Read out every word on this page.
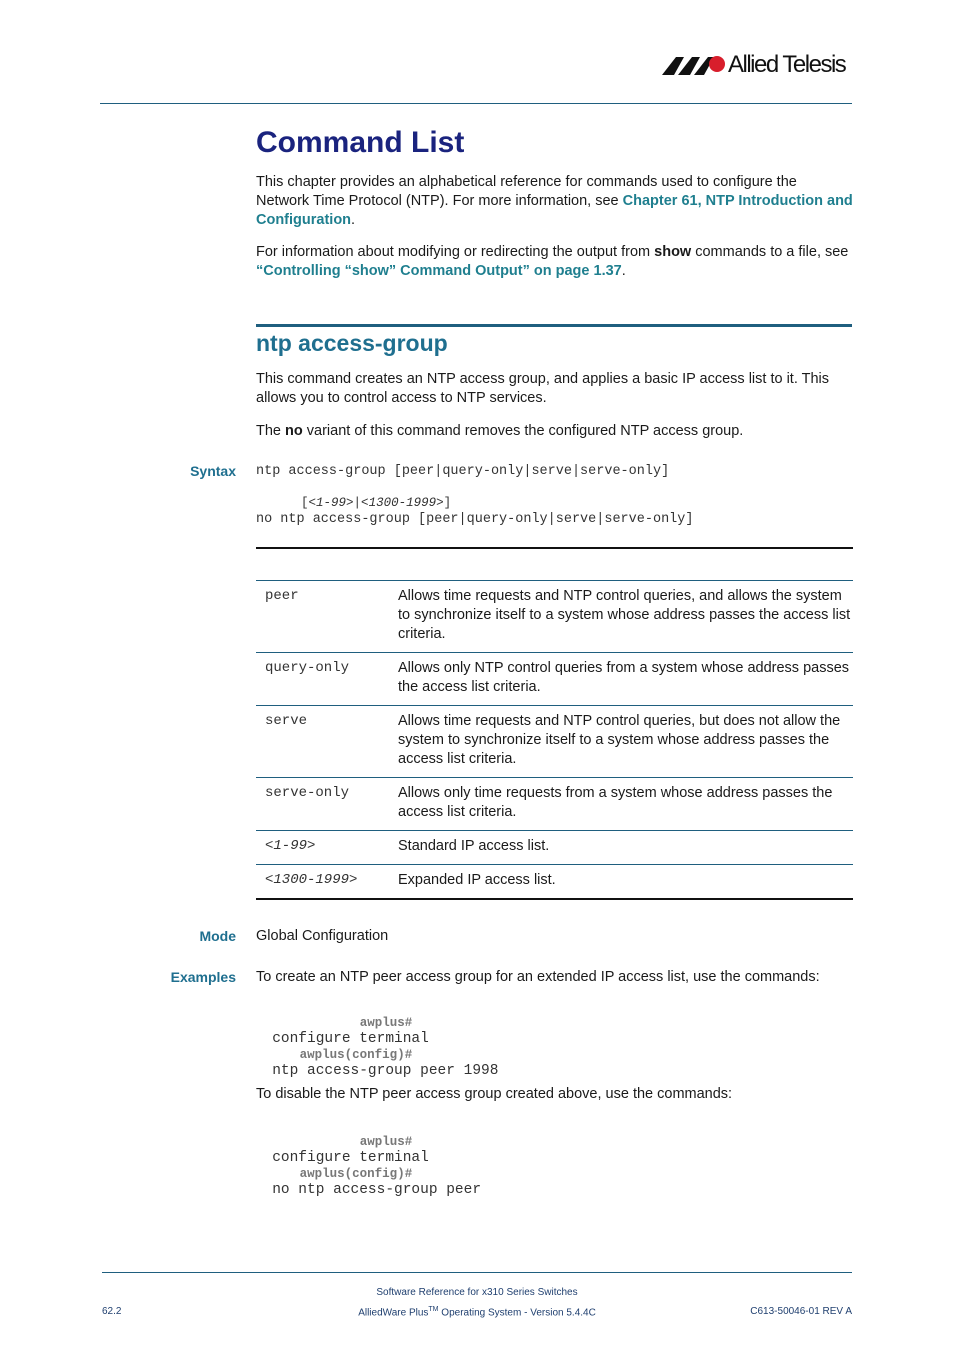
Allied Telesis
Command List
This chapter provides an alphabetical reference for commands used to configure the Network Time Protocol (NTP). For more information, see Chapter 61, NTP Introduction and Configuration.
For information about modifying or redirecting the output from show commands to a file, see “Controlling “show” Command Output” on page 1.37.
ntp access-group
This command creates an NTP access group, and applies a basic IP access list to it. This allows you to control access to NTP services.
The no variant of this command removes the configured NTP access group.
Syntax ntp access-group [peer|query-only|serve|serve-only]

[<1-99>|<1300-1999>]

no ntp access-group [peer|query-only|serve|serve-only]
peer	Allows time requests and NTP control queries, and allows the system to synchronize itself to a system whose address passes the access list criteria.
query-only	Allows only NTP control queries from a system whose address passes the access list criteria.
serve	Allows time requests and NTP control queries, but does not allow the system to synchronize itself to a system whose address passes the access list criteria.
serve-only	Allows only time requests from a system whose address passes the access list criteria.
<1-99>	Standard IP access list.
<1300-1999>	Expanded IP access list.
Mode Global Configuration
Examples To create an NTP peer access group for an extended IP access list, use the commands:

awplus#
configure terminal

awplus(config)#
ntp access-group peer 1998

To disable the NTP peer access group created above, use the commands:

awplus#
configure terminal

awplus(config)#
no ntp access-group peer

62.2
Software Reference for x310 Series Switches
AlliedWare Plus™ Operating System - Version 5.4.4C	C613-50046-01 REV A
